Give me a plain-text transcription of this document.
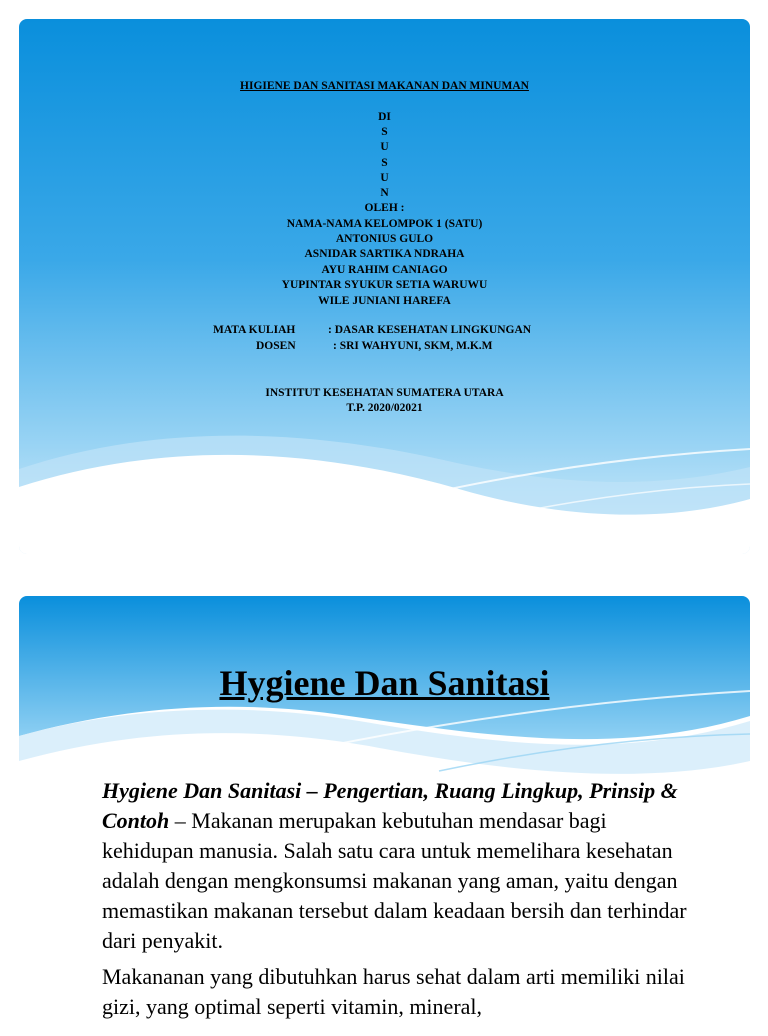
HIGIENE DAN SANITASI MAKANAN DAN MINUMAN
DI
S
U
S
U
N
OLEH :
NAMA-NAMA KELOMPOK 1 (SATU)
ANTONIUS GULO
ASNIDAR SARTIKA NDRAHA
AYU RAHIM CANIAGO
YUPINTAR SYUKUR SETIA WARUWU
WILE JUNIANI HAREFA
MATA KULIAH	: DASAR KESEHATAN LINGKUNGAN
DOSEN	: SRI WAHYUNI, SKM, M.K.M
INSTITUT KESEHATAN SUMATERA UTARA
T.P. 2020/02021
Hygiene Dan Sanitasi

Hygiene Dan Sanitasi – Pengertian, Ruang Lingkup, Prinsip & Contoh – Makanan merupakan kebutuhan mendasar bagi kehidupan manusia. Salah satu cara untuk memelihara kesehatan adalah dengan mengkonsumsi makanan yang aman, yaitu dengan memastikan makanan tersebut dalam keadaan bersih dan terhindar dari penyakit.

Makananan yang dibutuhkan harus sehat dalam arti memiliki nilai gizi, yang optimal seperti vitamin, mineral,
